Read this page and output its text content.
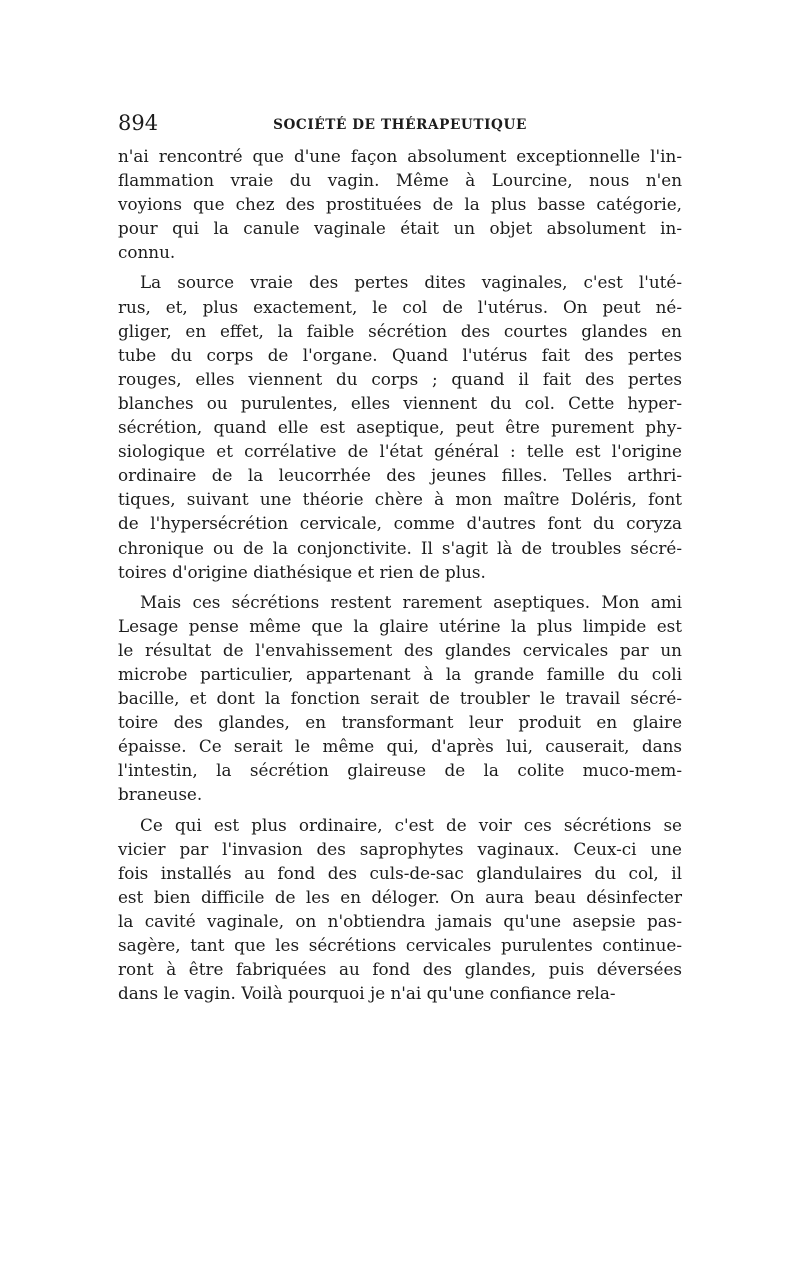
894	SOCIÉTÉ DE THÉRAPEUTIQUE
n'ai rencontré que d'une façon absolument exceptionnelle l'in-
flammation vraie du vagin. Même à Lourcine, nous n'en
voyions que chez des prostituées de la plus basse catégorie,
pour qui la canule vaginale était un objet absolument in-
connu.
La source vraie des pertes dites vaginales, c'est l'uté-
rus, et, plus exactement, le col de l'utérus. On peut né-
gliger, en effet, la faible sécrétion des courtes glandes en
tube du corps de l'organe. Quand l'utérus fait des pertes
rouges, elles viennent du corps ; quand il fait des pertes
blanches ou purulentes, elles viennent du col. Cette hyper-
sécrétion, quand elle est aseptique, peut être purement phy-
siologique et corrélative de l'état général : telle est l'origine
ordinaire de la leucorrhée des jeunes filles. Telles arthri-
tiques, suivant une théorie chère à mon maître Doléris, font
de l'hypersécrétion cervicale, comme d'autres font du coryza
chronique ou de la conjonctivite. Il s'agit là de troubles sécré-
toires d'origine diathésique et rien de plus.
Mais ces sécrétions restent rarement aseptiques. Mon ami
Lesage pense même que la glaire utérine la plus limpide est
le résultat de l'envahissement des glandes cervicales par un
microbe particulier, appartenant à la grande famille du coli
bacille, et dont la fonction serait de troubler le travail sécré-
toire des glandes, en transformant leur produit en glaire
épaisse. Ce serait le même qui, d'après lui, causerait, dans
l'intestin, la sécrétion glaireuse de la colite muco-mem-
braneuse.
Ce qui est plus ordinaire, c'est de voir ces sécrétions se
vicier par l'invasion des saprophytes vaginaux. Ceux-ci une
fois installés au fond des culs-de-sac glandulaires du col, il
est bien difficile de les en déloger. On aura beau désinfecter
la cavité vaginale, on n'obtiendra jamais qu'une asepsie pas-
sagère, tant que les sécrétions cervicales purulentes continue-
ront à être fabriquées au fond des glandes, puis déversées
dans le vagin. Voilà pourquoi je n'ai qu'une confiance rela-
